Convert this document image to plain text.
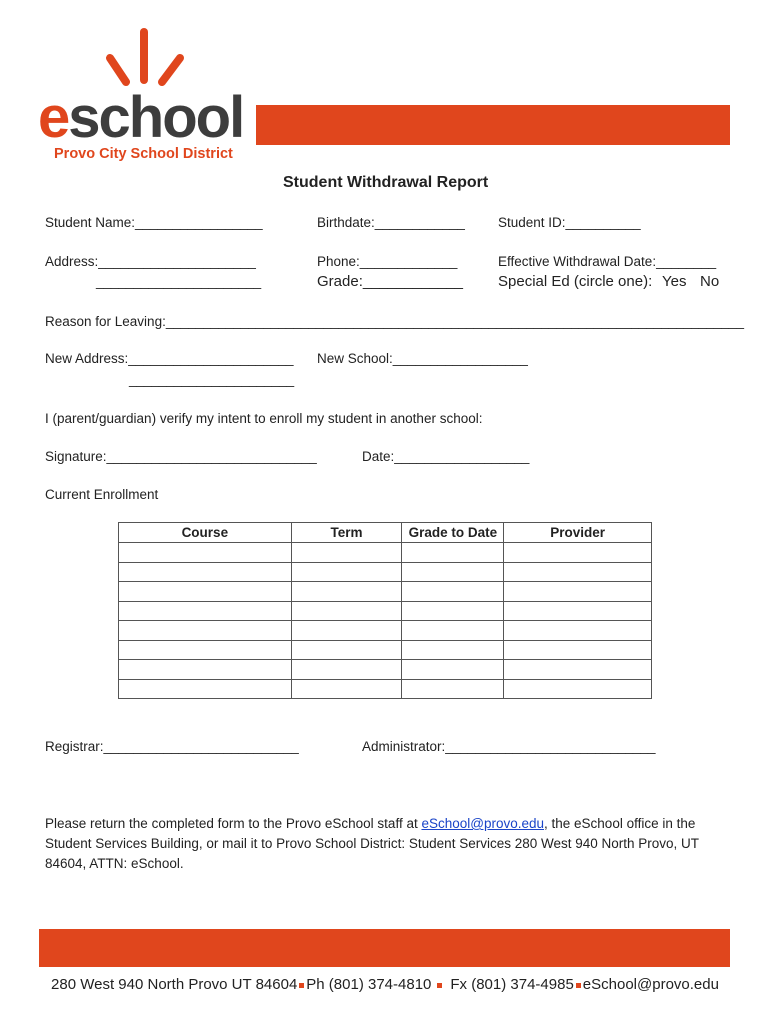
eschool
Provo City School District
Student Withdrawal Report
Student Name:_________________	Birthdate:____________ Student ID:__________
Address:_____________________	Phone:_____________	Effective Withdrawal Date:________
______________________	Grade:____________ Special Ed (circle one): Yes No
Reason for Leaving:_____________________________________________________________________________
New Address:______________________ New School:__________________
______________________
I (parent/guardian) verify my intent to enroll my student in another school:
Signature:____________________________	Date:__________________
Current Enrollment
Course	Term	Grade to Date	Provider

Registrar:__________________________	Administrator:____________________________
Please return the completed form to the Provo eSchool staff at eSchool@provo.edu, the eSchool office in the Student Services Building, or mail it to Provo School District: Student Services 280 West 940 North Provo, UT 84604, ATTN: eSchool.
280 West 940 North Provo UT 84604 Ph (801) 374-4810 Fx (801) 374-4985 eSchool@provo.edu
